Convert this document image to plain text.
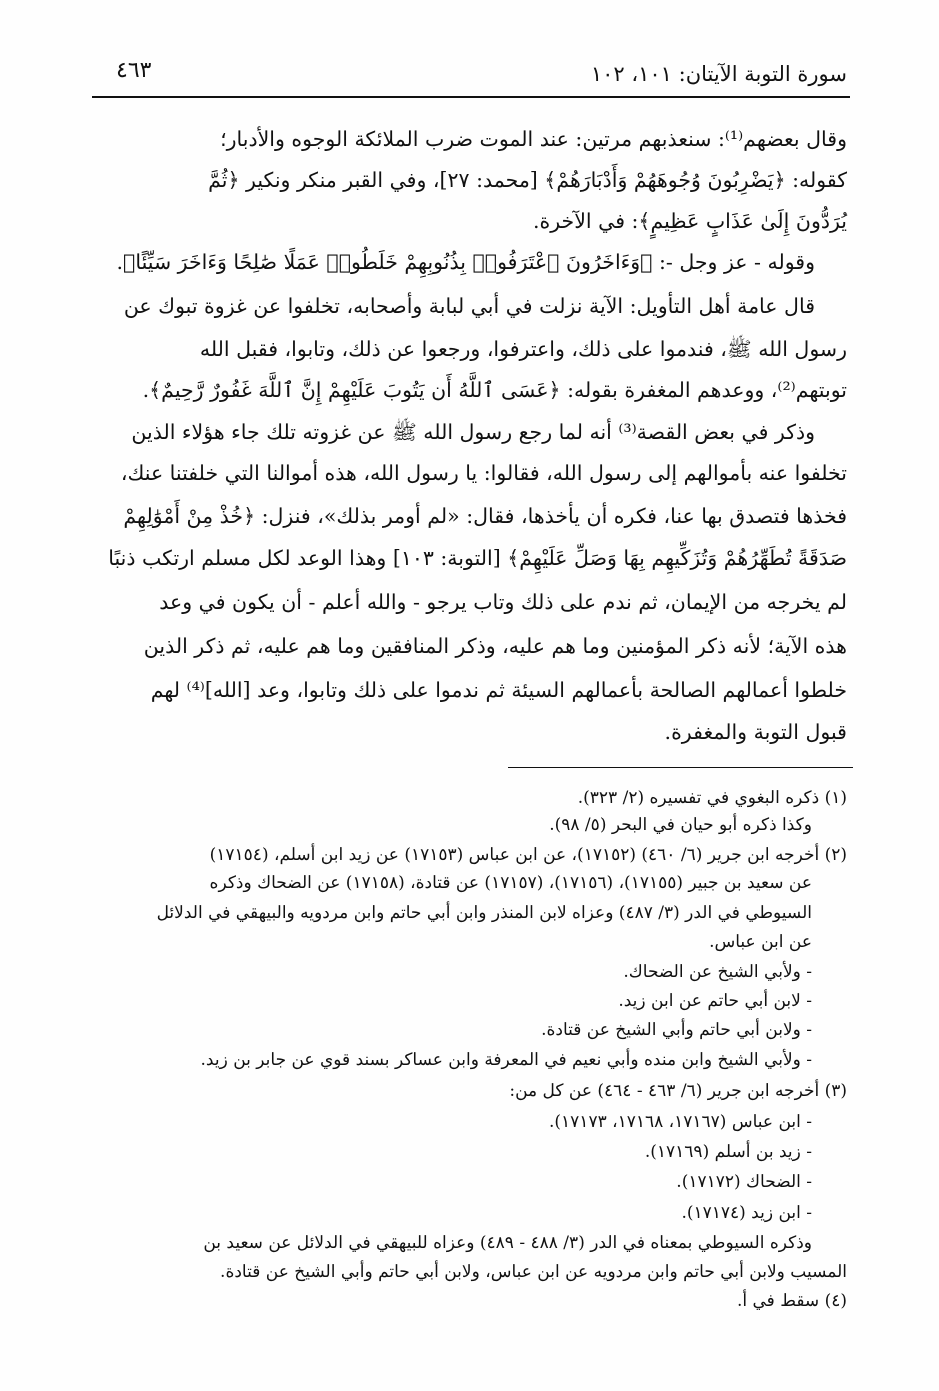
سورة التوبة الآيتان: ١٠١، ١٠٢
٤٦٣
وقال بعضهم⁽¹⁾: سنعذبهم مرتين: عند الموت ضرب الملائكة الوجوه والأدبار؛
كقوله: ﴿يَضْرِبُونَ وُجُوهَهُمْ وَأَدْبَارَهُمْ﴾ [محمد: ٢٧]، وفي القبر منكر ونكير ﴿ثُمَّ
يُرَدُّونَ إِلَىٰ عَذَابٍ عَظِيمٍ﴾: في الآخرة.
وقوله - عز وجل -: ﴿وَءَاخَرُونَ ٱعْتَرَفُوا۟ بِذُنُوبِهِمْ خَلَطُوا۟ عَمَلًا صَٰلِحًا وَءَاخَرَ سَيِّئًا﴾.
قال عامة أهل التأويل: الآية نزلت في أبي لبابة وأصحابه، تخلفوا عن غزوة تبوك عن
رسول الله ﷺ، فندموا على ذلك، واعترفوا، ورجعوا عن ذلك، وتابوا، فقبل الله
توبتهم⁽²⁾، ووعدهم المغفرة بقوله: ﴿عَسَى ٱللَّهُ أَن يَتُوبَ عَلَيْهِمْ إِنَّ ٱللَّهَ غَفُورٌ رَّحِيمٌ﴾.
وذكر في بعض القصة⁽³⁾ أنه لما رجع رسول الله ﷺ عن غزوته تلك جاء هؤلاء الذين
تخلفوا عنه بأموالهم إلى رسول الله، فقالوا: يا رسول الله، هذه أموالنا التي خلفتنا عنك،
فخذها فتصدق بها عنا، فكره أن يأخذها، فقال: «لم أومر بذلك»، فنزل: ﴿خُذْ مِنْ أَمْوَٰلِهِمْ
صَدَقَةً تُطَهِّرُهُمْ وَتُزَكِّيهِم بِهَا وَصَلِّ عَلَيْهِمْ﴾ [التوبة: ١٠٣] وهذا الوعد لكل مسلم ارتكب ذنبًا
لم يخرجه من الإيمان، ثم ندم على ذلك وتاب يرجو - والله أعلم - أن يكون في وعد
هذه الآية؛ لأنه ذكر المؤمنين وما هم عليه، وذكر المنافقين وما هم عليه، ثم ذكر الذين
خلطوا أعمالهم الصالحة بأعمالهم السيئة ثم ندموا على ذلك وتابوا، وعد [الله]⁽⁴⁾ لهم
قبول التوبة والمغفرة.
(١) ذكره البغوي في تفسيره (٢/ ٣٢٣).
وكذا ذكره أبو حيان في البحر (٥/ ٩٨).
(٢) أخرجه ابن جرير (٦/ ٤٦٠) (١٧١٥٢)، عن ابن عباس (١٧١٥٣) عن زيد ابن أسلم، (١٧١٥٤)
عن سعيد بن جبير (١٧١٥٥)، (١٧١٥٦)، (١٧١٥٧) عن قتادة، (١٧١٥٨) عن الضحاك وذكره
السيوطي في الدر (٣/ ٤٨٧) وعزاه لابن المنذر وابن أبي حاتم وابن مردويه والبيهقي في الدلائل
عن ابن عباس.
- ولأبي الشيخ عن الضحاك.
- لابن أبي حاتم عن ابن زيد.
- ولابن أبي حاتم وأبي الشيخ عن قتادة.
- ولأبي الشيخ وابن منده وأبي نعيم في المعرفة وابن عساكر بسند قوي عن جابر بن زيد.
(٣) أخرجه ابن جرير (٦/ ٤٦٣ - ٤٦٤) عن كل من:
- ابن عباس (١٧١٦٧، ١٧١٦٨، ١٧١٧٣).
- زيد بن أسلم (١٧١٦٩).
- الضحاك (١٧١٧٢).
- ابن زيد (١٧١٧٤).
وذكره السيوطي بمعناه في الدر (٣/ ٤٨٨ - ٤٨٩) وعزاه للبيهقي في الدلائل عن سعيد بن
المسيب ولابن أبي حاتم وابن مردويه عن ابن عباس، ولابن أبي حاتم وأبي الشيخ عن قتادة.
(٤) سقط في أ.
